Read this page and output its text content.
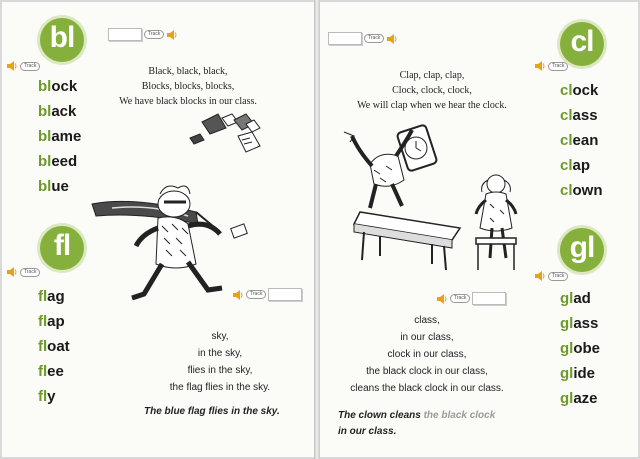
bl
Track
Track
block
black
blame
bleed
blue
Black, black, black,
Blocks, blocks, blocks,
We have black blocks in our class.
fl
Track
Track
flag
flap
float
flee
fly
sky,
in the sky,
flies in the sky,
the flag flies in the sky.
The blue flag flies in the sky.
Track	cl
Track
Clap, clap, clap,
Clock, clock, clock,
We will clap when we hear the clock.
clock
class
clean
clap
clown
gl
Track
Track	glad
glass
globe
glide
glaze
class,
in our class,
clock in our class,
the black clock in our class,
cleans the black clock in our class.
The clown cleans the black clock
in our class.
